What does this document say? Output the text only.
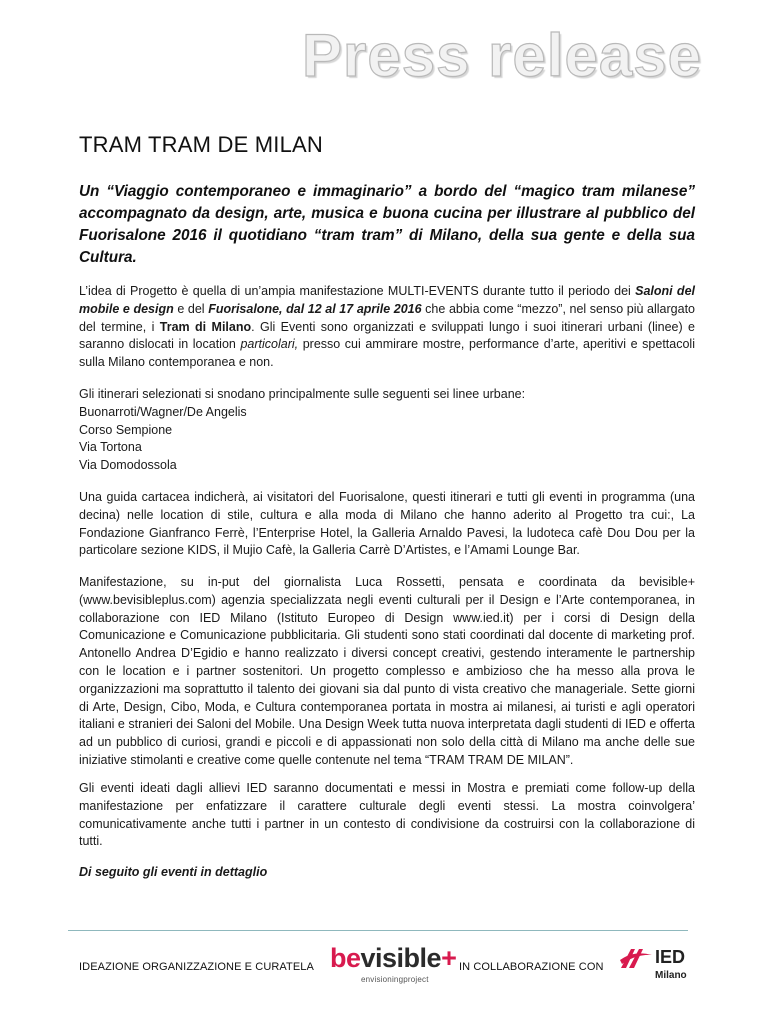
Press release
TRAM TRAM DE MILAN

Un “Viaggio contemporaneo e immaginario” a bordo del “magico tram milanese” accompagnato da design, arte, musica e buona cucina per illustrare al pubblico del Fuorisalone 2016 il quotidiano “tram tram” di Milano, della sua gente e della sua Cultura.

L’idea di Progetto è quella di un’ampia manifestazione MULTI-EVENTS durante tutto il periodo dei Saloni del mobile e design e del Fuorisalone, dal 12 al 17 aprile 2016 che abbia come “mezzo”, nel senso più allargato del termine, i Tram di Milano. Gli Eventi sono organizzati e sviluppati lungo i suoi itinerari urbani (linee) e saranno dislocati in location particolari, presso cui ammirare mostre, performance d’arte, aperitivi e spettacoli sulla Milano contemporanea e non.

Gli itinerari selezionati si snodano principalmente sulle seguenti sei linee urbane:
Buonarroti/Wagner/De Angelis
Corso Sempione
Via Tortona
Via Domodossola

Una guida cartacea indicherà, ai visitatori del Fuorisalone, questi itinerari e tutti gli eventi in programma (una decina) nelle location di stile, cultura e alla moda di Milano che hanno aderito al Progetto tra cui:, La Fondazione Gianfranco Ferrè, l’Enterprise Hotel, la Galleria Arnaldo Pavesi, la ludoteca cafè Dou Dou per la particolare sezione KIDS, il Mujio Cafè, la Galleria Carrè D’Artistes, e l’Amami Lounge Bar.

Manifestazione, su in-put del giornalista Luca Rossetti, pensata e coordinata da bevisible+ (www.bevisibleplus.com) agenzia specializzata negli eventi culturali per il Design e l’Arte contemporanea, in collaborazione con IED Milano (Istituto Europeo di Design www.ied.it) per i corsi di Design della Comunicazione e Comunicazione pubblicitaria. Gli studenti sono stati coordinati dal docente di marketing prof. Antonello Andrea D’Egidio e hanno realizzato i diversi concept creativi, gestendo interamente le partnership con le location e i partner sostenitori. Un progetto complesso e ambizioso che ha messo alla prova le organizzazioni ma soprattutto il talento dei giovani sia dal punto di vista creativo che manageriale. Sette giorni di Arte, Design, Cibo, Moda, e Cultura contemporanea portata in mostra ai milanesi, ai turisti e agli operatori italiani e stranieri dei Saloni del Mobile. Una Design Week tutta nuova interpretata dagli studenti di IED e offerta ad un pubblico di curiosi, grandi e piccoli e di appassionati non solo della città di Milano ma anche delle sue iniziative stimolanti e creative come quelle contenute nel tema “TRAM TRAM DE MILAN”.

Gli eventi ideati dagli allievi IED saranno documentati e messi in Mostra e premiati come follow-up della manifestazione per enfatizzare il carattere culturale degli eventi stessi. La mostra coinvolgera’ comunicativamente anche tutti i partner in un contesto di condivisione da costruirsi con la collaborazione di tutti.

Di seguito gli eventi in dettaglio

IDEAZIONE ORGANIZZAZIONE E CURATELA bevisible+
envisioningproject
IN COLLABORAZIONE CON	IED
Milano
